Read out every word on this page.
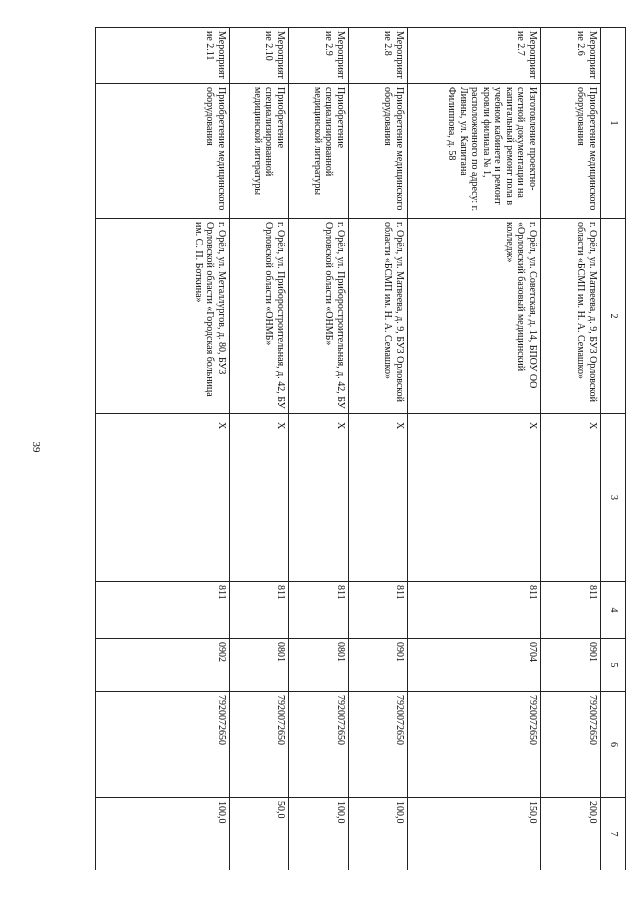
39
1		2	3	4	5	6	7
Мероприятие 2.6	Приобретение медицинского оборудования	г. Орёл, ул. Матвеева, д. 9, БУЗ Орловской области «БСМП им. Н. А. Семашко»	X	811	0901	7920072650	200,0
Мероприятие 2.7	Изготовление проектно-сметной документации на капитальный ремонт пола в учебном кабинете и ремонт кровли филиала № 1, расположенного по адресу: г. Ливны, ул. Капитана Филиппова, д. 58	г. Орёл, ул. Советская, д. 14, БПОУ ОО «Орловский базовый медицинский колледж»	X	811	0704	7920072650	150,0
Мероприятие 2.8	Приобретение медицинского оборудования	г. Орёл, ул. Матвеева, д. 9, БУЗ Орловской области «БСМП им. Н. А. Семашко»	X	811	0901	7920072650	100,0
Мероприятие 2.9	Приобретение специализированной медицинской литературы	г. Орёл, ул. Приборостроительная, д. 42, БУ Орловской области «ОНМБ»	X	811	0801	7920072650	100,0
Мероприятие 2.10	Приобретение специализированной медицинской литературы	г. Орёл, ул. Приборостроительная, д. 42, БУ Орловской области «ОНМБ»	X	811	0801	7920072650	50,0
Мероприятие 2.11	Приобретение медицинского оборудования	г. Орёл, ул. Металлургов, д. 80, БУЗ Орловской области «Городская больница им. С. П. Боткина»	X	811	0902	7920072650	100,0
